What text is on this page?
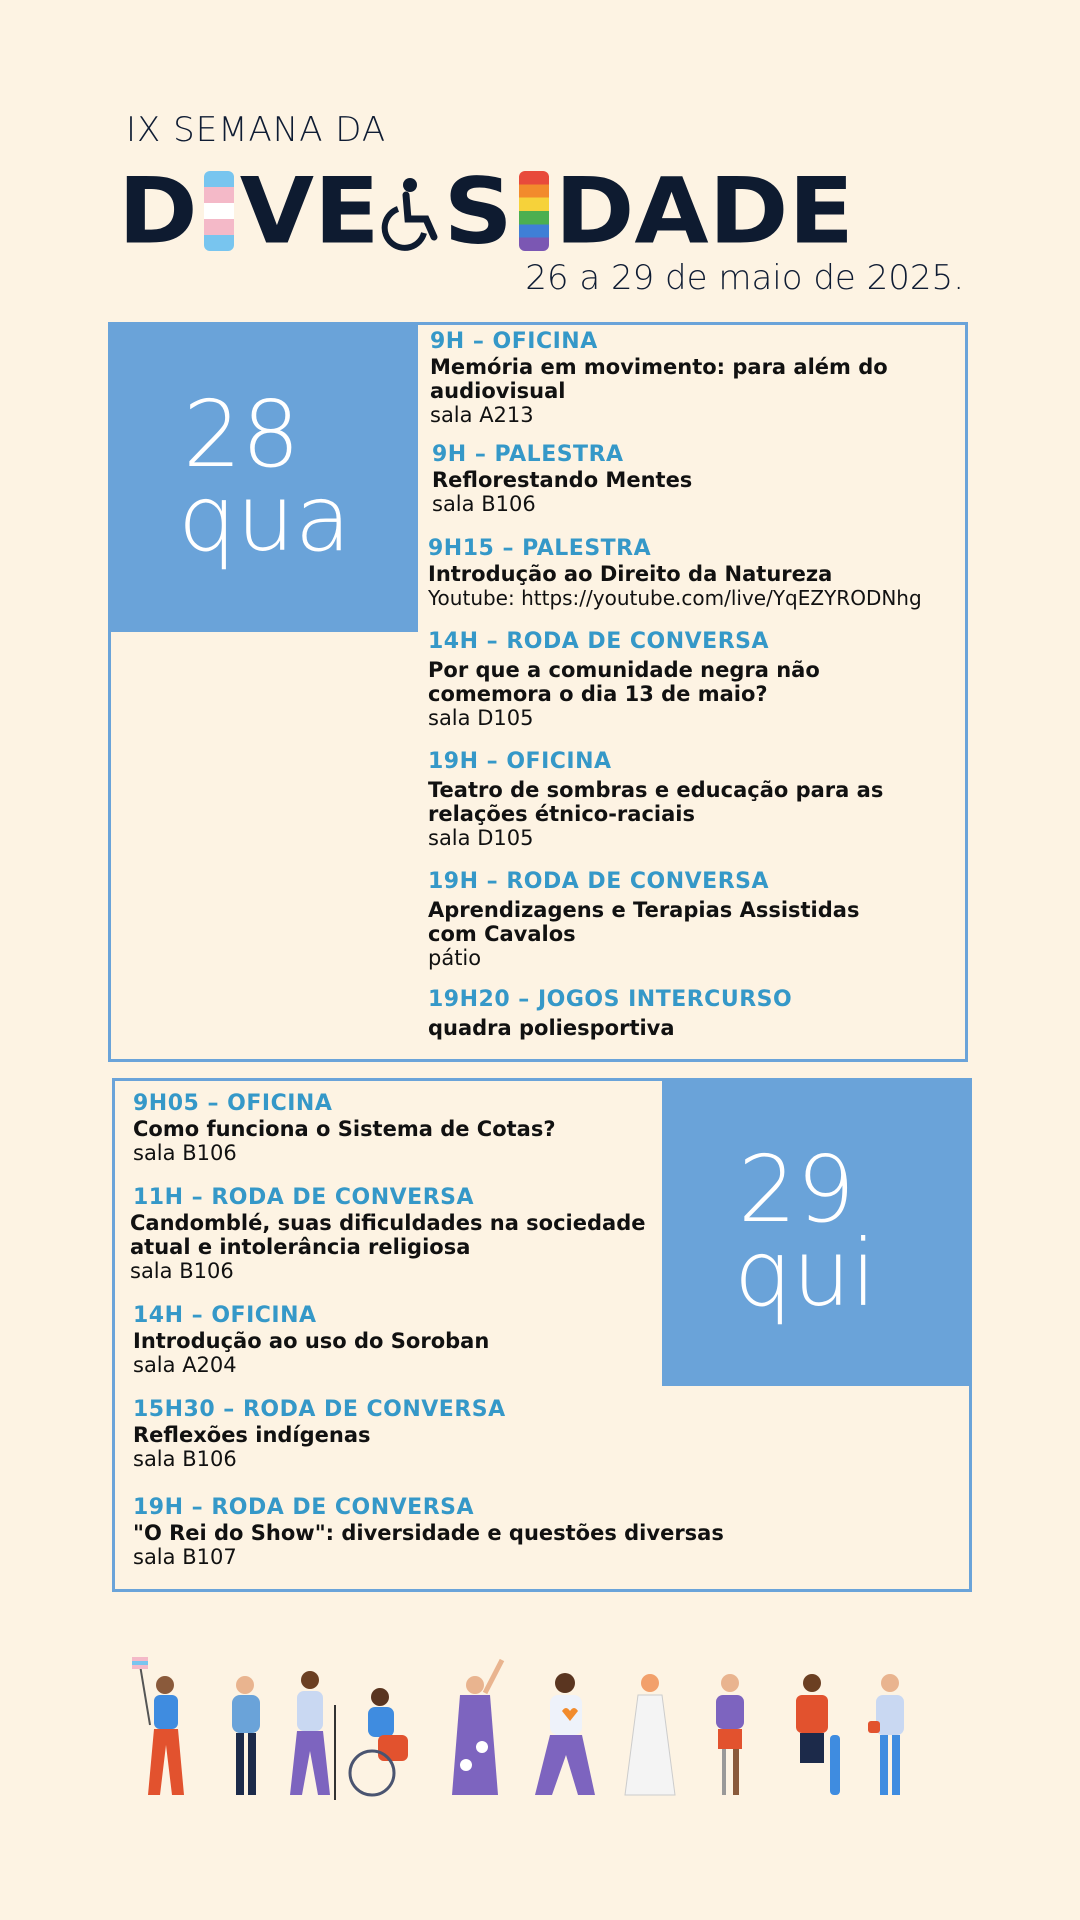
IX SEMANA DA
D V E S D A D E
26 a 29 de maio de 2025.
28
qua
9H – OFICINA
Memória em movimento: para além do audiovisual
sala A213
9H – PALESTRA
Reflorestando Mentes
sala B106
9H15 – PALESTRA
Introdução ao Direito da Natureza
Youtube: https://youtube.com/live/YqEZYRODNhg
14H – RODA DE CONVERSA
Por que a comunidade negra não comemora o dia 13 de maio?
sala D105
19H – OFICINA
Teatro de sombras e educação para as relações étnico-raciais
sala D105
19H – RODA DE CONVERSA
Aprendizagens e Terapias Assistidas com Cavalos
pátio
19H20 – JOGOS INTERCURSO
quadra poliesportiva
29
qui
9H05 – OFICINA
Como funciona o Sistema de Cotas?
sala B106
11H – RODA DE CONVERSA
Candomblé, suas dificuldades na sociedade atual e intolerância religiosa
sala B106
14H – OFICINA
Introdução ao uso do Soroban
sala A204
15H30 – RODA DE CONVERSA
Reflexões indígenas
sala B106
19H – RODA DE CONVERSA
"O Rei do Show": diversidade e questões diversas
sala B107
